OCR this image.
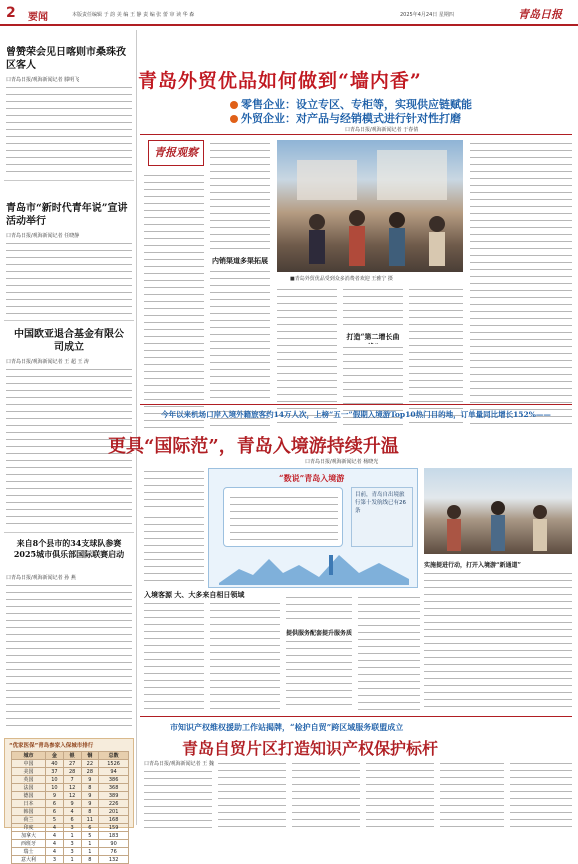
2 要闻	本版责任编辑 于 韵 美 编 王 静 责 编 张 蕾 审 读 华 森	2025年4月24日 星期四	青岛日报
曾赞荣会见日喀则市桑珠孜区客人
口青岛日报/观海新闻记者 滕明飞
青岛市“新时代青年说”宣讲活动举行
口青岛日报/观海新闻记者 任晓静
中国欧亚退合基金有限公司成立
口青岛日报/观海新闻记者 王 超 王 涛
来自8个县市的34支球队参赛 2025城市俱乐部国际联赛启动
口青岛日报/观海新闻记者 孙 燕
“优家医保”青岛参家入保城市排行
城市	金	银	铜	总数
中国	40	27	22	1526
美国	37	28	28	94
英国	10	7	9	386
法国	10	12	8	368
德国	9	12	9	389
日本	6	9	9	226
韩国	6	4	8	201
荷兰	5	6	11	168
印度	4	3	6	159
加拿大	4	1	5	183
西班牙	4	3	1	90
瑞士	4	3	1	76
意大利	3	1	8	132
青岛外贸优品如何做到“墙内香”
零售企业：设立专区、专柜等，实现供应链赋能
外贸企业：对产品与经销模式进行针对性打磨
口青岛日报/观海新闻记者 于春倩
青报观察
内销渠道多渠拓展
■青岛外贸优品受到众多消费者欢迎 王雅宁 摄
打造“第二增长曲
今年以来机场口岸入境外籍旅客约14万人次，上榜“五一”假期入境游Top10热门目的地，订单量同比增长152%——
更具“国际范”，青岛入境游持续升温
口青岛日报/观海新闻记者 杨晓光
“数说”青岛入境游
目前，青岛自出境旅行第十发航线已有26条
入境客源 大、大多来自相日领域
提供服务配套提升服务质
实施提进行动，打开入境游“新通道”
市知识产权维权援助工作站揭牌，“检护自贸”跨区域服务联盟成立
青岛自贸片区打造知识产权保护标杆
口青岛日报/观海新闻记者 王 魏
